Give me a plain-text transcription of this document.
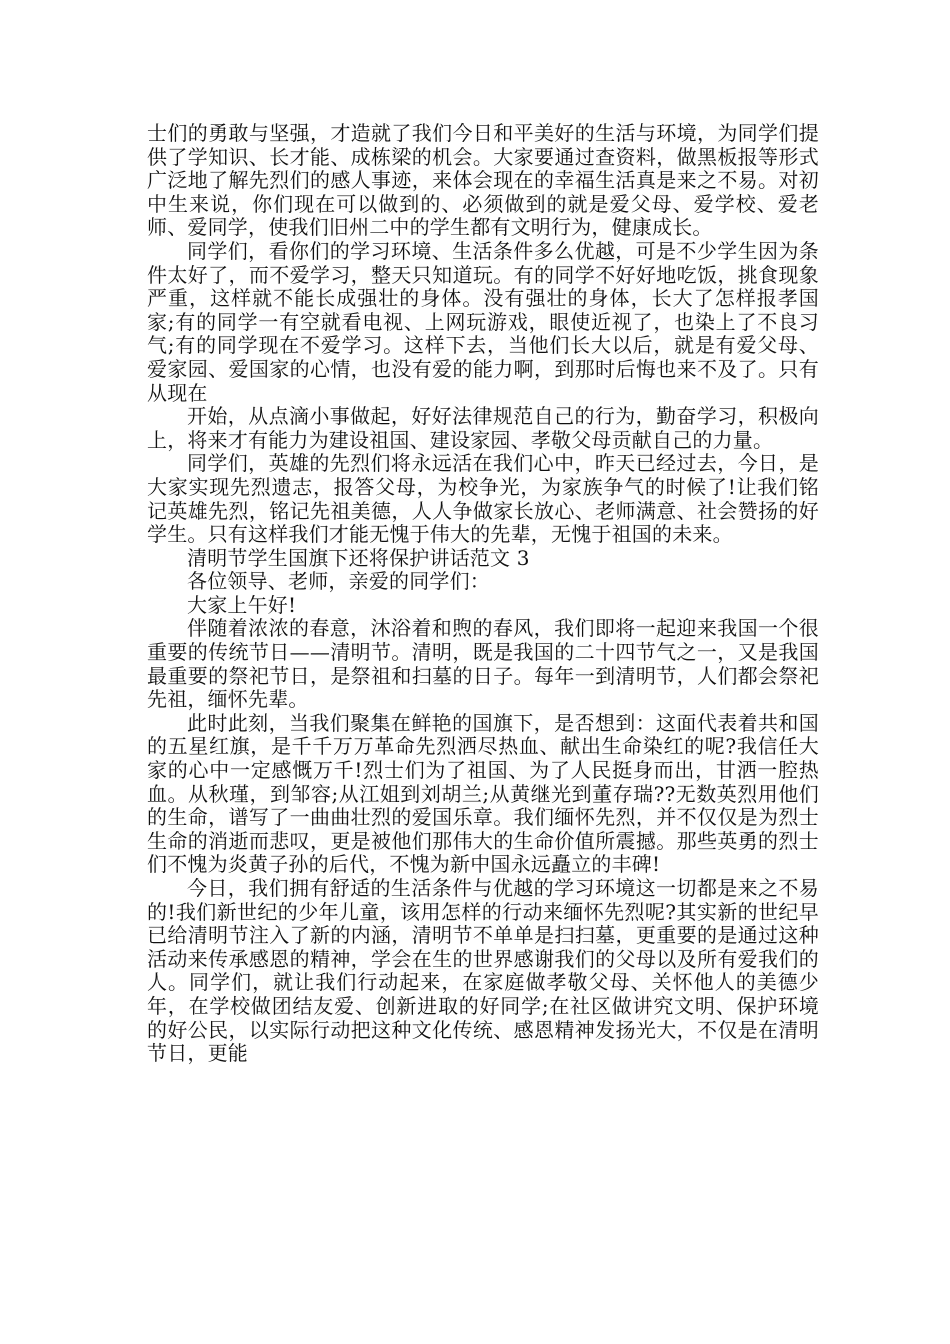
士们的勇敢与坚强，才造就了我们今日和平美好的生活与环境，为同学们提供了学知识、长才能、成栋梁的机会。大家要通过查资料，做黑板报等形式广泛地了解先烈们的感人事迹，来体会现在的幸福生活真是来之不易。对初中生来说，你们现在可以做到的、必须做到的就是爱父母、爱学校、爱老师、爱同学，使我们旧州二中的学生都有文明行为，健康成长。

同学们，看你们的学习环境、生活条件多么优越，可是不少学生因为条件太好了，而不爱学习，整天只知道玩。有的同学不好好地吃饭，挑食现象严重，这样就不能长成强壮的身体。没有强壮的身体，长大了怎样报孝国家;有的同学一有空就看电视、上网玩游戏，眼使近视了，也染上了不良习气;有的同学现在不爱学习。这样下去，当他们长大以后，就是有爱父母、爱家园、爱国家的心情，也没有爱的能力啊，到那时后悔也来不及了。只有从现在

开始，从点滴小事做起，好好法律规范自己的行为，勤奋学习，积极向上，将来才有能力为建设祖国、建设家园、孝敬父母贡献自己的力量。

同学们，英雄的先烈们将永远活在我们心中，昨天已经过去，今日，是大家实现先烈遗志，报答父母，为校争光，为家族争气的时候了!让我们铭记英雄先烈，铭记先祖美德，人人争做家长放心、老师满意、社会赞扬的好学生。只有这样我们才能无愧于伟大的先辈，无愧于祖国的未来。

清明节学生国旗下还将保护讲话范文 3

各位领导、老师，亲爱的同学们：

大家上午好!

伴随着浓浓的春意，沐浴着和煦的春风，我们即将一起迎来我国一个很重要的传统节日——清明节。清明，既是我国的二十四节气之一，又是我国最重要的祭祀节日，是祭祖和扫墓的日子。每年一到清明节，人们都会祭祀先祖，缅怀先辈。

此时此刻，当我们聚集在鲜艳的国旗下，是否想到：这面代表着共和国的五星红旗，是千千万万革命先烈洒尽热血、献出生命染红的呢?我信任大家的心中一定感慨万千!烈士们为了祖国、为了人民挺身而出，甘洒一腔热血。从秋瑾，到邹容;从江姐到刘胡兰;从黄继光到董存瑞??无数英烈用他们的生命，谱写了一曲曲壮烈的爱国乐章。我们缅怀先烈，并不仅仅是为烈士生命的消逝而悲叹，更是被他们那伟大的生命价值所震撼。那些英勇的烈士们不愧为炎黄子孙的后代，不愧为新中国永远矗立的丰碑!

今日，我们拥有舒适的生活条件与优越的学习环境这一切都是来之不易的!我们新世纪的少年儿童，该用怎样的行动来缅怀先烈呢?其实新的世纪早已给清明节注入了新的内涵，清明节不单单是扫扫墓，更重要的是通过这种活动来传承感恩的精神，学会在生的世界感谢我们的父母以及所有爱我们的人。同学们，就让我们行动起来，在家庭做孝敬父母、关怀他人的美德少年，在学校做团结友爱、创新进取的好同学;在社区做讲究文明、保护环境的好公民，以实际行动把这种文化传统、感恩精神发扬光大，不仅是在清明节日，更能
